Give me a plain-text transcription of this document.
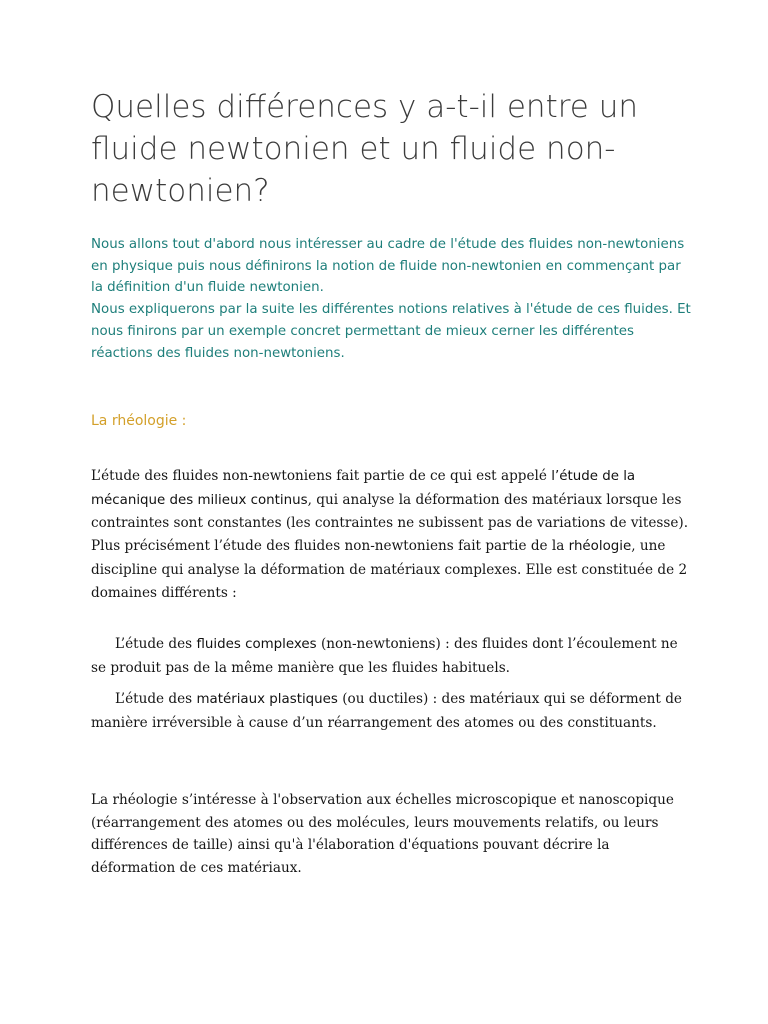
Quelles différences y a-t-il entre un fluide newtonien et un fluide non-newtonien?
Nous allons tout d'abord nous intéresser au cadre de l'étude des fluides non-newtoniens en physique puis nous définirons la notion de fluide non-newtonien en commençant par la définition d'un fluide newtonien.
Nous expliquerons par la suite les différentes notions relatives à l'étude de ces fluides. Et nous finirons par un exemple concret permettant de mieux cerner les différentes réactions des fluides non-newtoniens.
La rhéologie :

L’étude des fluides non-newtoniens fait partie de ce qui est appelé l’étude de la mécanique des milieux continus, qui analyse la déformation des matériaux lorsque les contraintes sont constantes (les contraintes ne subissent pas de variations de vitesse). Plus précisément l’étude des fluides non-newtoniens fait partie de la rhéologie, une discipline qui analyse la déformation de matériaux complexes. Elle est constituée de 2 domaines différents :

L’étude des fluides complexes (non-newtoniens) : des fluides dont l’écoulement ne se produit pas de la même manière que les fluides habituels.

L’étude des matériaux plastiques (ou ductiles) : des matériaux qui se déforment de manière irréversible à cause d’un réarrangement des atomes ou des constituants.

La rhéologie s’intéresse à l'observation aux échelles microscopique et nanoscopique (réarrangement des atomes ou des molécules, leurs mouvements relatifs, ou leurs différences de taille) ainsi qu'à l'élaboration d'équations pouvant décrire la déformation de ces matériaux.
